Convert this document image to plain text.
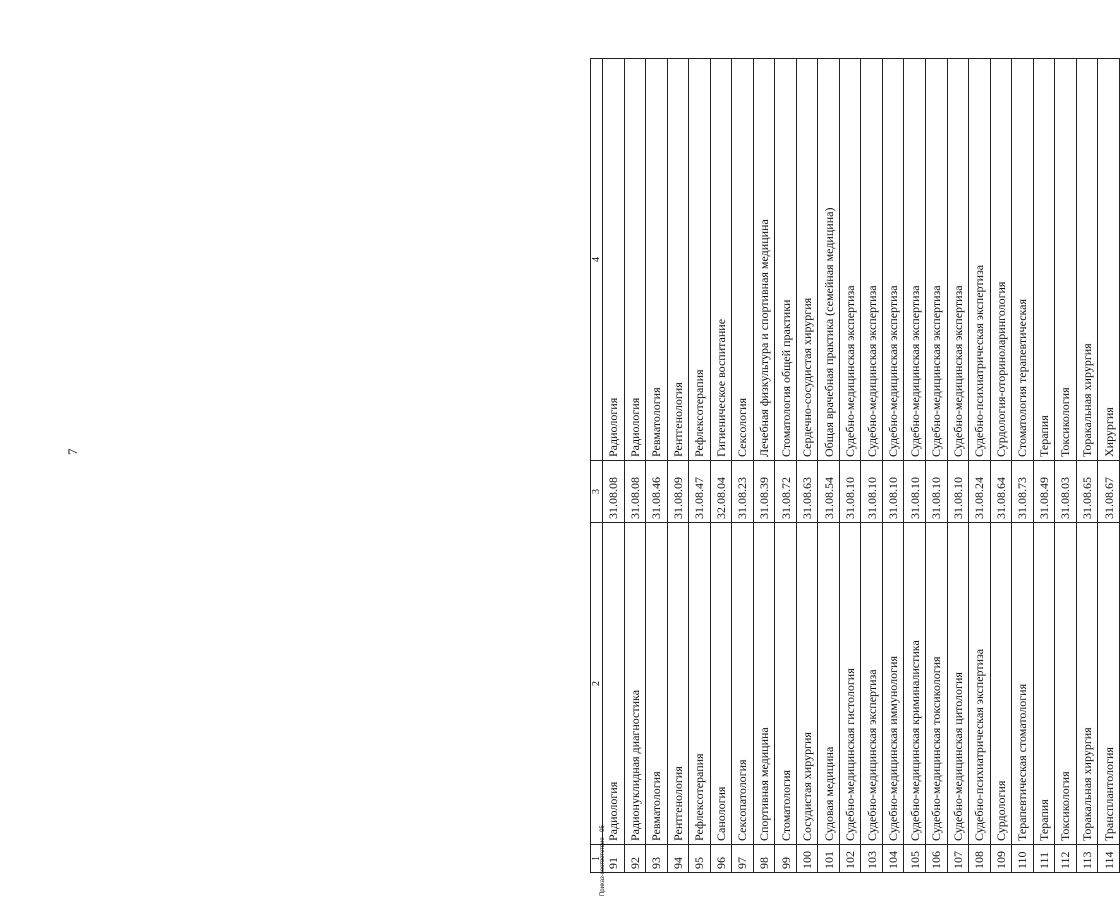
7
1	2	3	4
91	Радиология	31.08.08	Радиология
92	Радионуклидная диагностика	31.08.08	Радиология
93	Ревматология	31.08.46	Ревматология
94	Рентгенология	31.08.09	Рентгенология
95	Рефлексотерапия	31.08.47	Рефлексотерапия
96	Санология	32.08.04	Гигиеническое воспитание
97	Сексопатология	31.08.23	Сексология
98	Спортивная медицина	31.08.39	Лечебная физкультура и спортивная медицина
99	Стоматология	31.08.72	Стоматология общей практики
100	Сосудистая хирургия	31.08.63	Сердечно-сосудистая хирургия
101	Судовая медицина	31.08.54	Общая врачебная практика (семейная медицина)
102	Судебно-медицинская гистология	31.08.10	Судебно-медицинская экспертиза
103	Судебно-медицинская экспертиза	31.08.10	Судебно-медицинская экспертиза
104	Судебно-медицинская иммунология	31.08.10	Судебно-медицинская экспертиза
105	Судебно-медицинская криминалистика	31.08.10	Судебно-медицинская экспертиза
106	Судебно-медицинская токсикология	31.08.10	Судебно-медицинская экспертиза
107	Судебно-медицинская цитология	31.08.10	Судебно-медицинская экспертиза
108	Судебно-психиатрическая экспертиза	31.08.24	Судебно-психиатрическая экспертиза
109	Сурдология	31.08.64	Сурдология-оториноларингология
110	Терапевтическая стоматология	31.08.73	Стоматология терапевтическая
111	Терапия	31.08.49	Терапия
112	Токсикология	31.08.03	Токсикология
113	Торакальная хирургия	31.08.65	Торакальная хирургия
114	Трансплантология	31.08.67	Хирургия
Приказ-соответствие - 05
